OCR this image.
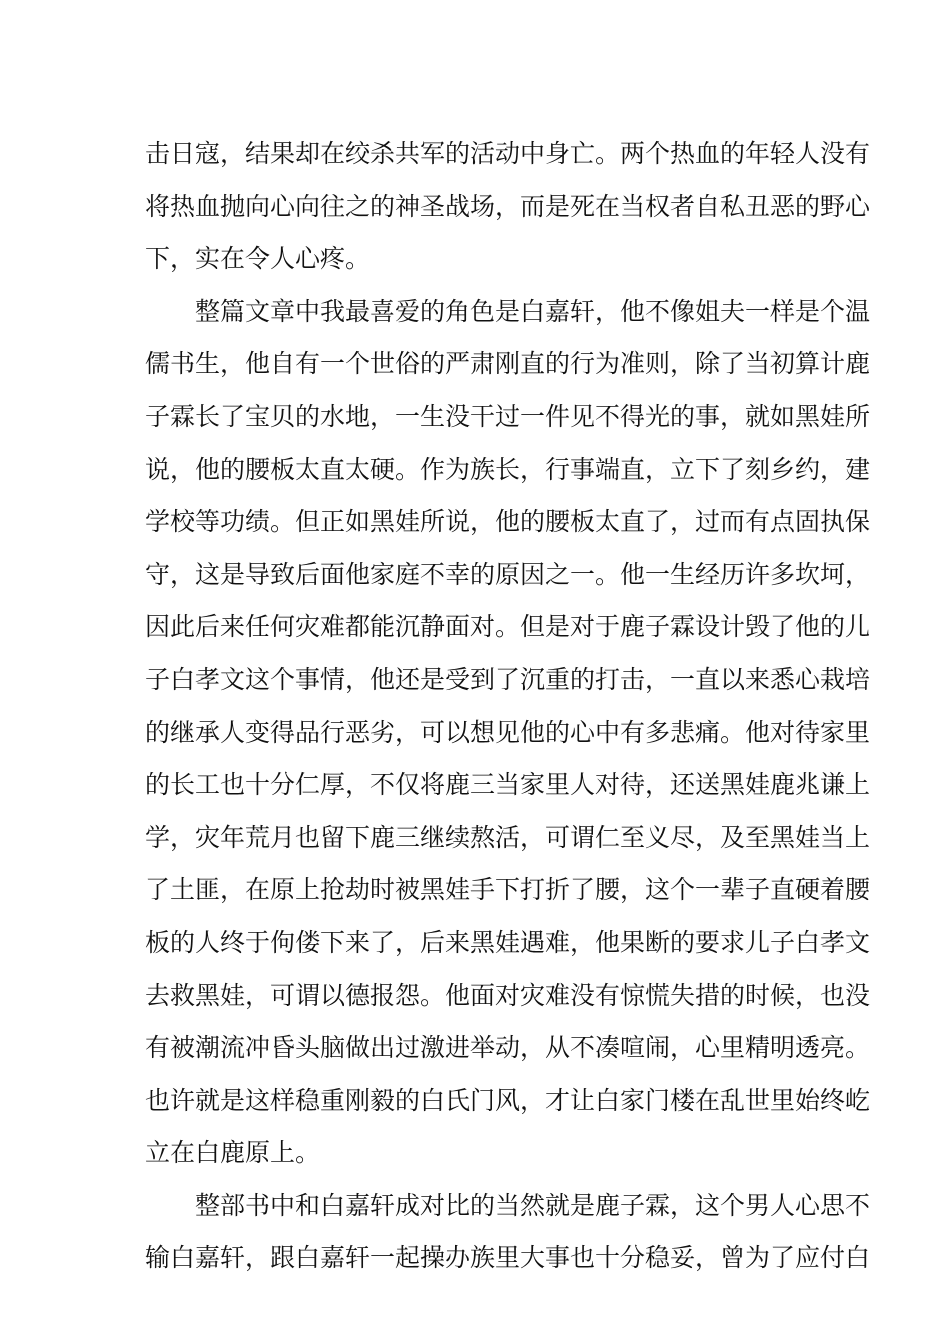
击日寇，结果却在绞杀共军的活动中身亡。两个热血的年轻人没有
将热血抛向心向往之的神圣战场，而是死在当权者自私丑恶的野心
下，实在令人心疼。
　　整篇文章中我最喜爱的角色是白嘉轩，他不像姐夫一样是个温
儒书生，他自有一个世俗的严肃刚直的行为准则，除了当初算计鹿
子霖长了宝贝的水地，一生没干过一件见不得光的事，就如黑娃所
说，他的腰板太直太硬。作为族长，行事端直，立下了刻乡约，建
学校等功绩。但正如黑娃所说，他的腰板太直了，过而有点固执保
守，这是导致后面他家庭不幸的原因之一。他一生经历许多坎坷，
因此后来任何灾难都能沉静面对。但是对于鹿子霖设计毁了他的儿
子白孝文这个事情，他还是受到了沉重的打击，一直以来悉心栽培
的继承人变得品行恶劣，可以想见他的心中有多悲痛。他对待家里
的长工也十分仁厚，不仅将鹿三当家里人对待，还送黑娃鹿兆谦上
学，灾年荒月也留下鹿三继续熬活，可谓仁至义尽，及至黑娃当上
了土匪，在原上抢劫时被黑娃手下打折了腰，这个一辈子直硬着腰
板的人终于佝偻下来了，后来黑娃遇难，他果断的要求儿子白孝文
去救黑娃，可谓以德报怨。他面对灾难没有惊慌失措的时候，也没
有被潮流冲昏头脑做出过激进举动，从不凑喧闹，心里精明透亮。
也许就是这样稳重刚毅的白氏门风，才让白家门楼在乱世里始终屹
立在白鹿原上。
　　整部书中和白嘉轩成对比的当然就是鹿子霖，这个男人心思不
输白嘉轩，跟白嘉轩一起操办族里大事也十分稳妥，曾为了应付白
